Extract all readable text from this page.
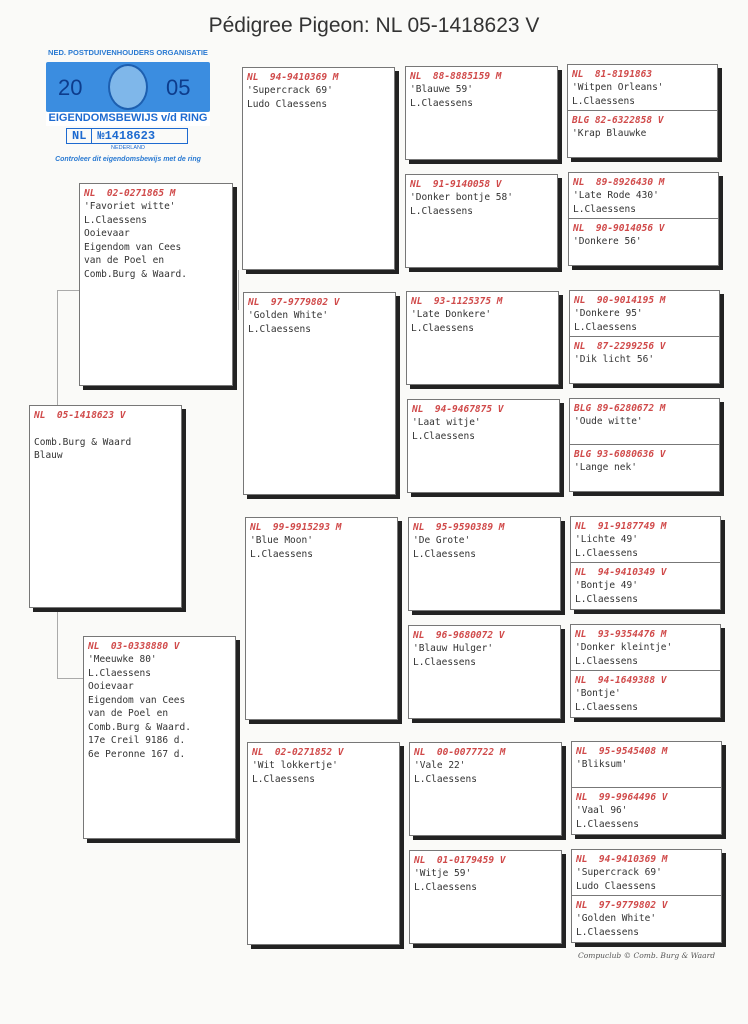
Pédigree Pigeon: NL 05-1418623 V
NED. POSTDUIVENHOUDERS ORGANISATIE
20	05
EIGENDOMSBEWIJS v/d RING
NL №1418623
NEDERLAND
Controleer dit eigendomsbewijs met de ring
NL  05-1418623 V

Comb.Burg & Waard
Blauw
NL  02-0271865 M
'Favoriet witte'
L.Claessens
Ooievaar
Eigendom van Cees
van de Poel en
Comb.Burg & Waard.
NL  03-0338880 V
'Meeuwke 80'
L.Claessens
Ooievaar
Eigendom van Cees
van de Poel en
Comb.Burg & Waard.
17e Creil 9186 d.
6e Peronne 167 d.
NL  94-9410369 M
'Supercrack 69'
Ludo Claessens
NL  97-9779802 V
'Golden White'
L.Claessens
NL  99-9915293 M
'Blue Moon'
L.Claessens
NL  02-0271852 V
'Wit lokkertje'
L.Claessens
NL  88-8885159 M
'Blauwe 59'
L.Claessens
NL  91-9140058 V
'Donker bontje 58'
L.Claessens
NL  93-1125375 M
'Late Donkere'
L.Claessens
NL  94-9467875 V
'Laat witje'
L.Claessens
NL  95-9590389 M
'De Grote'
L.Claessens
NL  96-9680072 V
'Blauw Hulger'
L.Claessens
NL  00-0077722 M
'Vale 22'
L.Claessens
NL  01-0179459 V
'Witje 59'
L.Claessens
NL  81-8191863
'Witpen Orleans'
L.Claessens
BLG 82-6322858 V
'Krap Blauwke
NL  89-8926430 M
'Late Rode 430'
L.Claessens
NL  90-9014056 V
'Donkere 56'
NL  90-9014195 M
'Donkere 95'
L.Claessens
NL  87-2299256 V
'Dik licht 56'
BLG 89-6280672 M
'Oude witte'
BLG 93-6080636 V
'Lange nek'
NL  91-9187749 M
'Lichte 49'
L.Claessens
NL  94-9410349 V
'Bontje 49'
L.Claessens
NL  93-9354476 M
'Donker kleintje'
L.Claessens
NL  94-1649388 V
'Bontje'
L.Claessens
NL  95-9545408 M
'Bliksum'
NL  99-9964496 V
'Vaal 96'
L.Claessens
NL  94-9410369 M
'Supercrack 69'
Ludo Claessens
NL  97-9779802 V
'Golden White'
L.Claessens
Compuclub © Comb. Burg & Waard
